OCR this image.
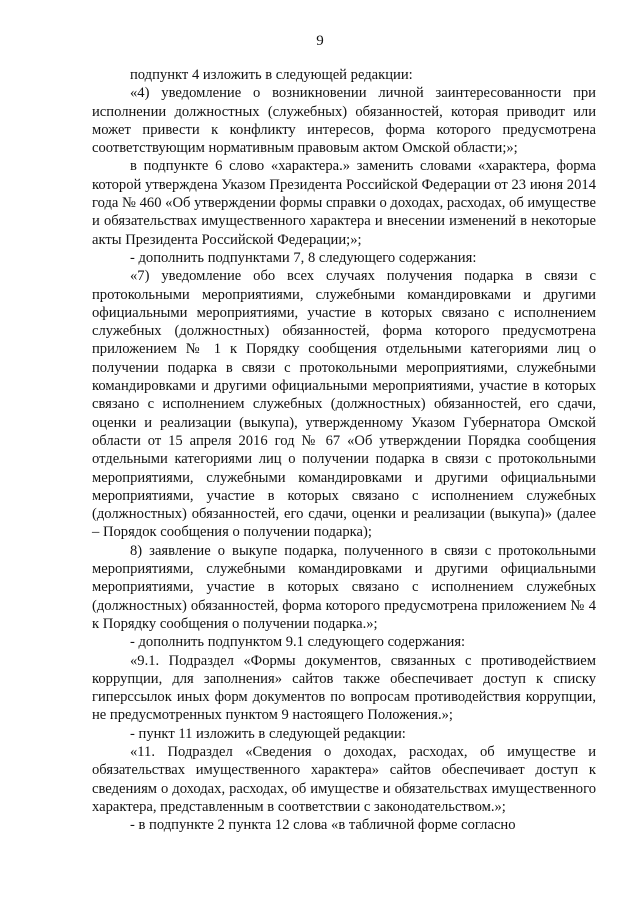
9

подпункт 4 изложить в следующей редакции:

«4) уведомление о возникновении личной заинтересованности при исполнении должностных (служебных) обязанностей, которая приводит или может привести к конфликту интересов, форма которого предусмотрена соответствующим нормативным правовым актом Омской области;»;

в подпункте 6 слово «характера.» заменить словами «характера, форма которой утверждена Указом Президента Российской Федерации от 23 июня 2014 года № 460 «Об утверждении формы справки о доходах, расходах, об имуществе и обязательствах имущественного характера и внесении изменений в некоторые акты Президента Российской Федерации;»;

- дополнить подпунктами 7, 8 следующего содержания:

«7) уведомление обо всех случаях получения подарка в связи с протокольными мероприятиями, служебными командировками и другими официальными мероприятиями, участие в которых связано с исполнением служебных (должностных) обязанностей, форма которого предусмотрена приложением № 1 к Порядку сообщения отдельными категориями лиц о получении подарка в связи с протокольными мероприятиями, служебными командировками и другими официальными мероприятиями, участие в которых связано с исполнением служебных (должностных) обязанностей, его сдачи, оценки и реализации (выкупа), утвержденному Указом Губернатора Омской области от 15 апреля 2016 год № 67 «Об утверждении Порядка сообщения отдельными категориями лиц о получении подарка в связи с протокольными мероприятиями, служебными командировками и другими официальными мероприятиями, участие в которых связано с исполнением служебных (должностных) обязанностей, его сдачи, оценки и реализации (выкупа)» (далее – Порядок сообщения о получении подарка);

8) заявление о выкупе подарка, полученного в связи с протокольными мероприятиями, служебными командировками и другими официальными мероприятиями, участие в которых связано с исполнением служебных (должностных) обязанностей, форма которого предусмотрена приложением № 4 к Порядку сообщения о получении подарка.»;

- дополнить подпунктом 9.1 следующего содержания:

«9.1. Подраздел «Формы документов, связанных с противодействием коррупции, для заполнения» сайтов также обеспечивает доступ к списку гиперссылок иных форм документов по вопросам противодействия коррупции, не предусмотренных пунктом 9 настоящего Положения.»;

- пункт 11 изложить в следующей редакции:

«11. Подраздел «Сведения о доходах, расходах, об имуществе и обязательствах имущественного характера» сайтов обеспечивает доступ к сведениям о доходах, расходах, об имуществе и обязательствах имущественного характера, представленным в соответствии с законодательством.»;

- в подпункте 2 пункта 12 слова «в табличной форме согласно
